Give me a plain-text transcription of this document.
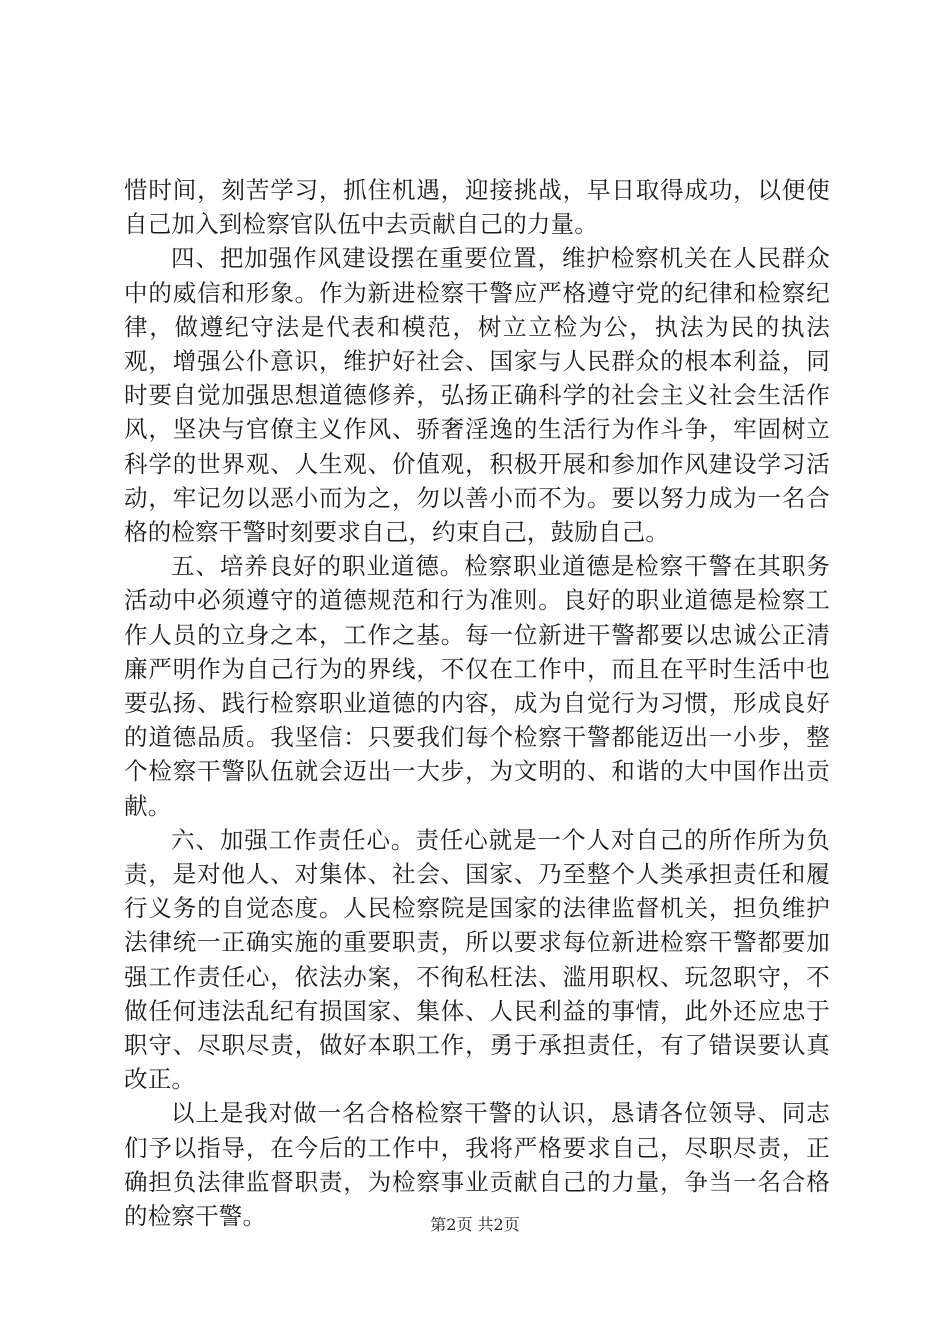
惜时间，刻苦学习，抓住机遇，迎接挑战，早日取得成功，以便使自己加入到检察官队伍中去贡献自己的力量。

四、把加强作风建设摆在重要位置，维护检察机关在人民群众中的威信和形象。作为新进检察干警应严格遵守党的纪律和检察纪律，做遵纪守法是代表和模范，树立立检为公，执法为民的执法观，增强公仆意识，维护好社会、国家与人民群众的根本利益，同时要自觉加强思想道德修养，弘扬正确科学的社会主义社会生活作风，坚决与官僚主义作风、骄奢淫逸的生活行为作斗争，牢固树立科学的世界观、人生观、价值观，积极开展和参加作风建设学习活动，牢记勿以恶小而为之，勿以善小而不为。要以努力成为一名合格的检察干警时刻要求自己，约束自己，鼓励自己。

五、培养良好的职业道德。检察职业道德是检察干警在其职务活动中必须遵守的道德规范和行为准则。良好的职业道德是检察工作人员的立身之本，工作之基。每一位新进干警都要以忠诚公正清廉严明作为自己行为的界线，不仅在工作中，而且在平时生活中也要弘扬、践行检察职业道德的内容，成为自觉行为习惯，形成良好的道德品质。我坚信：只要我们每个检察干警都能迈出一小步，整个检察干警队伍就会迈出一大步，为文明的、和谐的大中国作出贡献。

六、加强工作责任心。责任心就是一个人对自己的所作所为负责，是对他人、对集体、社会、国家、乃至整个人类承担责任和履行义务的自觉态度。人民检察院是国家的法律监督机关，担负维护法律统一正确实施的重要职责，所以要求每位新进检察干警都要加强工作责任心，依法办案，不徇私枉法、滥用职权、玩忽职守，不做任何违法乱纪有损国家、集体、人民利益的事情，此外还应忠于职守、尽职尽责，做好本职工作，勇于承担责任，有了错误要认真改正。

以上是我对做一名合格检察干警的认识，恳请各位领导、同志们予以指导，在今后的工作中，我将严格要求自己，尽职尽责，正确担负法律监督职责，为检察事业贡献自己的力量，争当一名合格的检察干警。	第2页 共2页
